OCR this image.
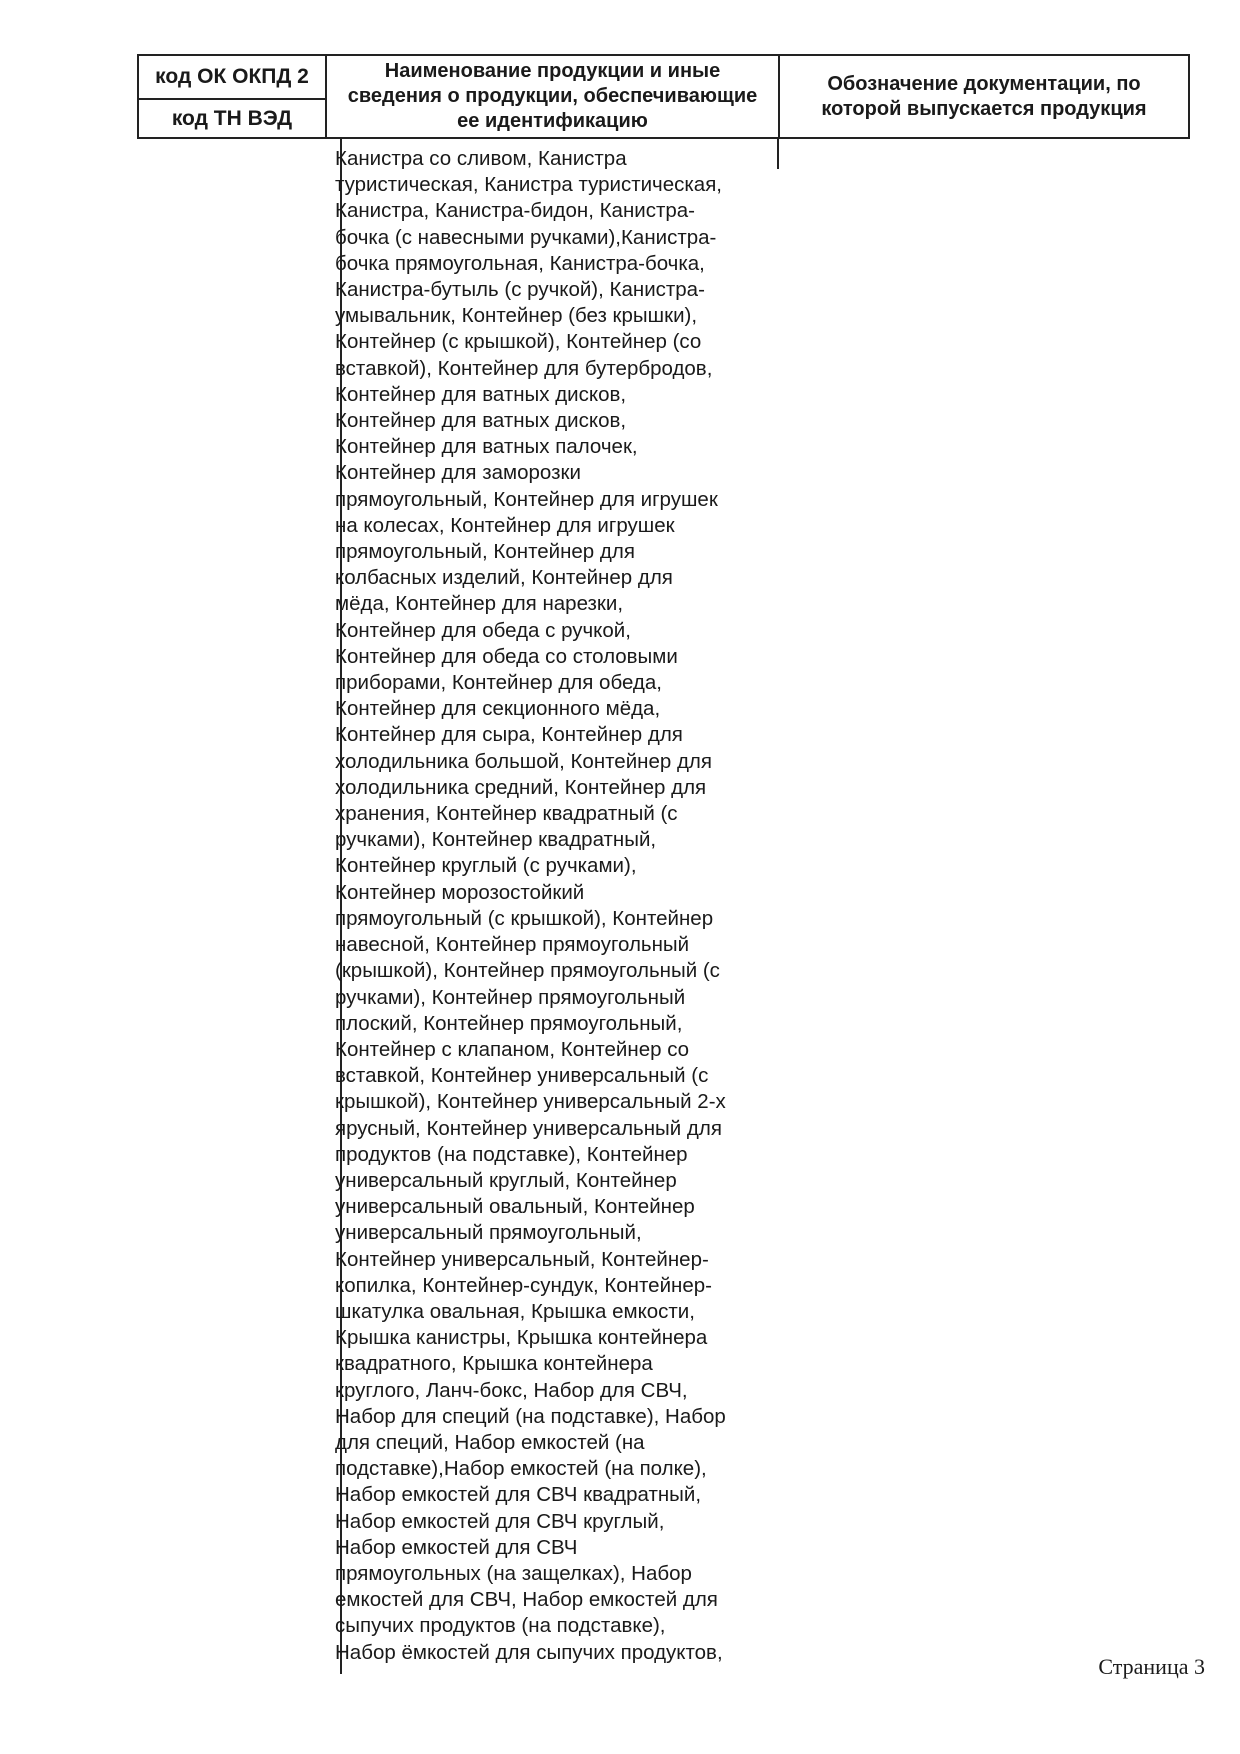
код ОК ОКПД 2
код ТН ВЭД
Наименование продукции и иные сведения о продукции, обеспечивающие ее идентификацию
Обозначение документации, по которой выпускается продукция
Канистра со сливом, Канистра
туристическая, Канистра туристическая,
Канистра, Канистра-бидон, Канистра-
бочка (с навесными ручками),Канистра-
бочка прямоугольная, Канистра-бочка,
Канистра-бутыль (с ручкой), Канистра-
умывальник, Контейнер (без крышки),
Контейнер (с крышкой), Контейнер (со
вставкой), Контейнер для бутербродов,
Контейнер для ватных дисков,
Контейнер для ватных дисков,
Контейнер для ватных палочек,
Контейнер для заморозки
прямоугольный, Контейнер для игрушек
на колесах, Контейнер для игрушек
прямоугольный, Контейнер для
колбасных изделий, Контейнер для
мёда, Контейнер для нарезки,
Контейнер для обеда с ручкой,
Контейнер для обеда со столовыми
приборами, Контейнер для обеда,
Контейнер для секционного мёда,
Контейнер для сыра, Контейнер для
холодильника большой, Контейнер для
холодильника средний, Контейнер для
хранения, Контейнер квадратный (с
ручками), Контейнер квадратный,
Контейнер круглый (с ручками),
Контейнер морозостойкий
прямоугольный (с крышкой), Контейнер
навесной, Контейнер прямоугольный
(крышкой), Контейнер прямоугольный (с
ручками), Контейнер прямоугольный
плоский, Контейнер прямоугольный,
Контейнер с клапаном, Контейнер со
вставкой, Контейнер универсальный (с
крышкой), Контейнер универсальный 2-х
ярусный, Контейнер универсальный для
продуктов (на подставке), Контейнер
универсальный круглый, Контейнер
универсальный овальный, Контейнер
универсальный прямоугольный,
Контейнер универсальный, Контейнер-
копилка, Контейнер-сундук, Контейнер-
шкатулка овальная, Крышка емкости,
Крышка канистры, Крышка контейнера
квадратного, Крышка контейнера
круглого, Ланч-бокс, Набор для СВЧ,
Набор для специй (на подставке), Набор
для специй, Набор емкостей (на
подставке),Набор емкостей (на полке),
Набор емкостей для СВЧ квадратный,
Набор емкостей для СВЧ круглый,
Набор емкостей для СВЧ
прямоугольных (на защелках), Набор
емкостей для СВЧ, Набор емкостей для
сыпучих продуктов (на подставке),
Набор ёмкостей для сыпучих продуктов,
Страница 3
